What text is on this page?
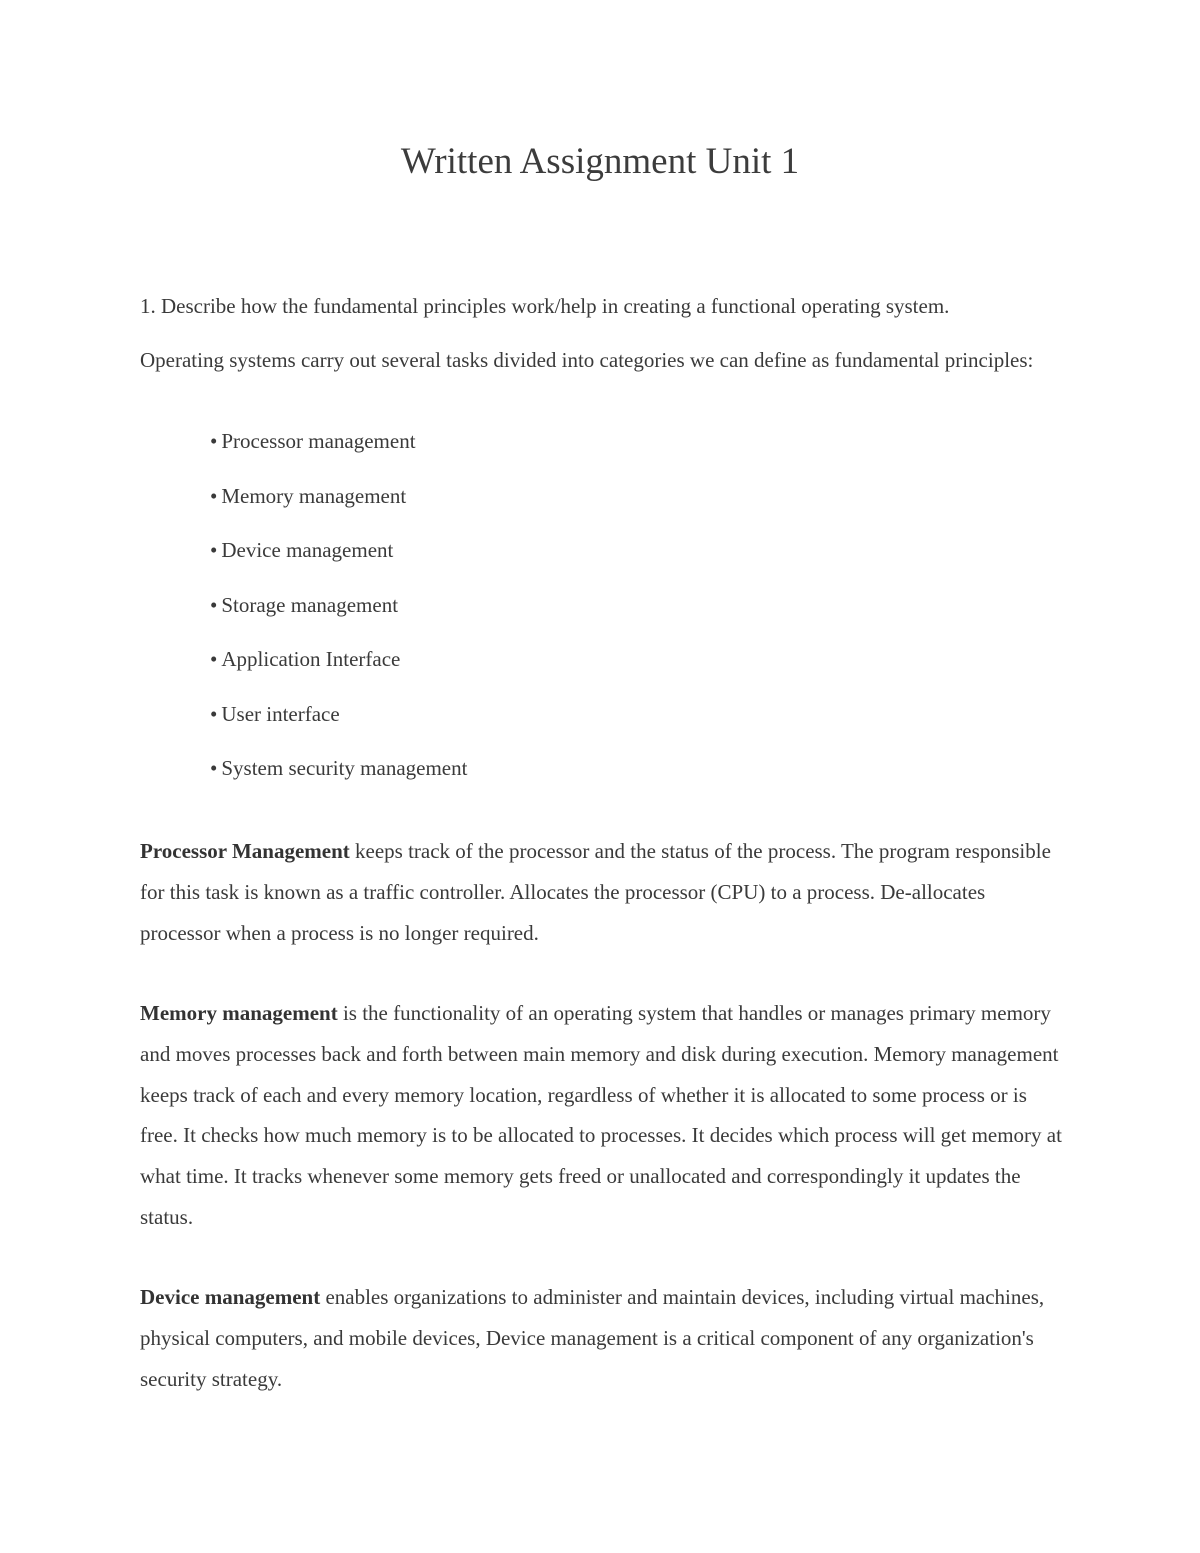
Written Assignment Unit 1

1. Describe how the fundamental principles work/help in creating a functional operating system.

Operating systems carry out several tasks divided into categories we can define as fundamental principles:

• Processor management
• Memory management
• Device management
• Storage management
• Application Interface
• User interface
• System security management

Processor Management keeps track of the processor and the status of the process. The program responsible for this task is known as a traffic controller. Allocates the processor (CPU) to a process. De-allocates processor when a process is no longer required.

Memory management is the functionality of an operating system that handles or manages primary memory and moves processes back and forth between main memory and disk during execution. Memory management keeps track of each and every memory location, regardless of whether it is allocated to some process or is free. It checks how much memory is to be allocated to processes. It decides which process will get memory at what time. It tracks whenever some memory gets freed or unallocated and correspondingly it updates the status.

Device management enables organizations to administer and maintain devices, including virtual machines, physical computers, and mobile devices, Device management is a critical component of any organization's security strategy.
